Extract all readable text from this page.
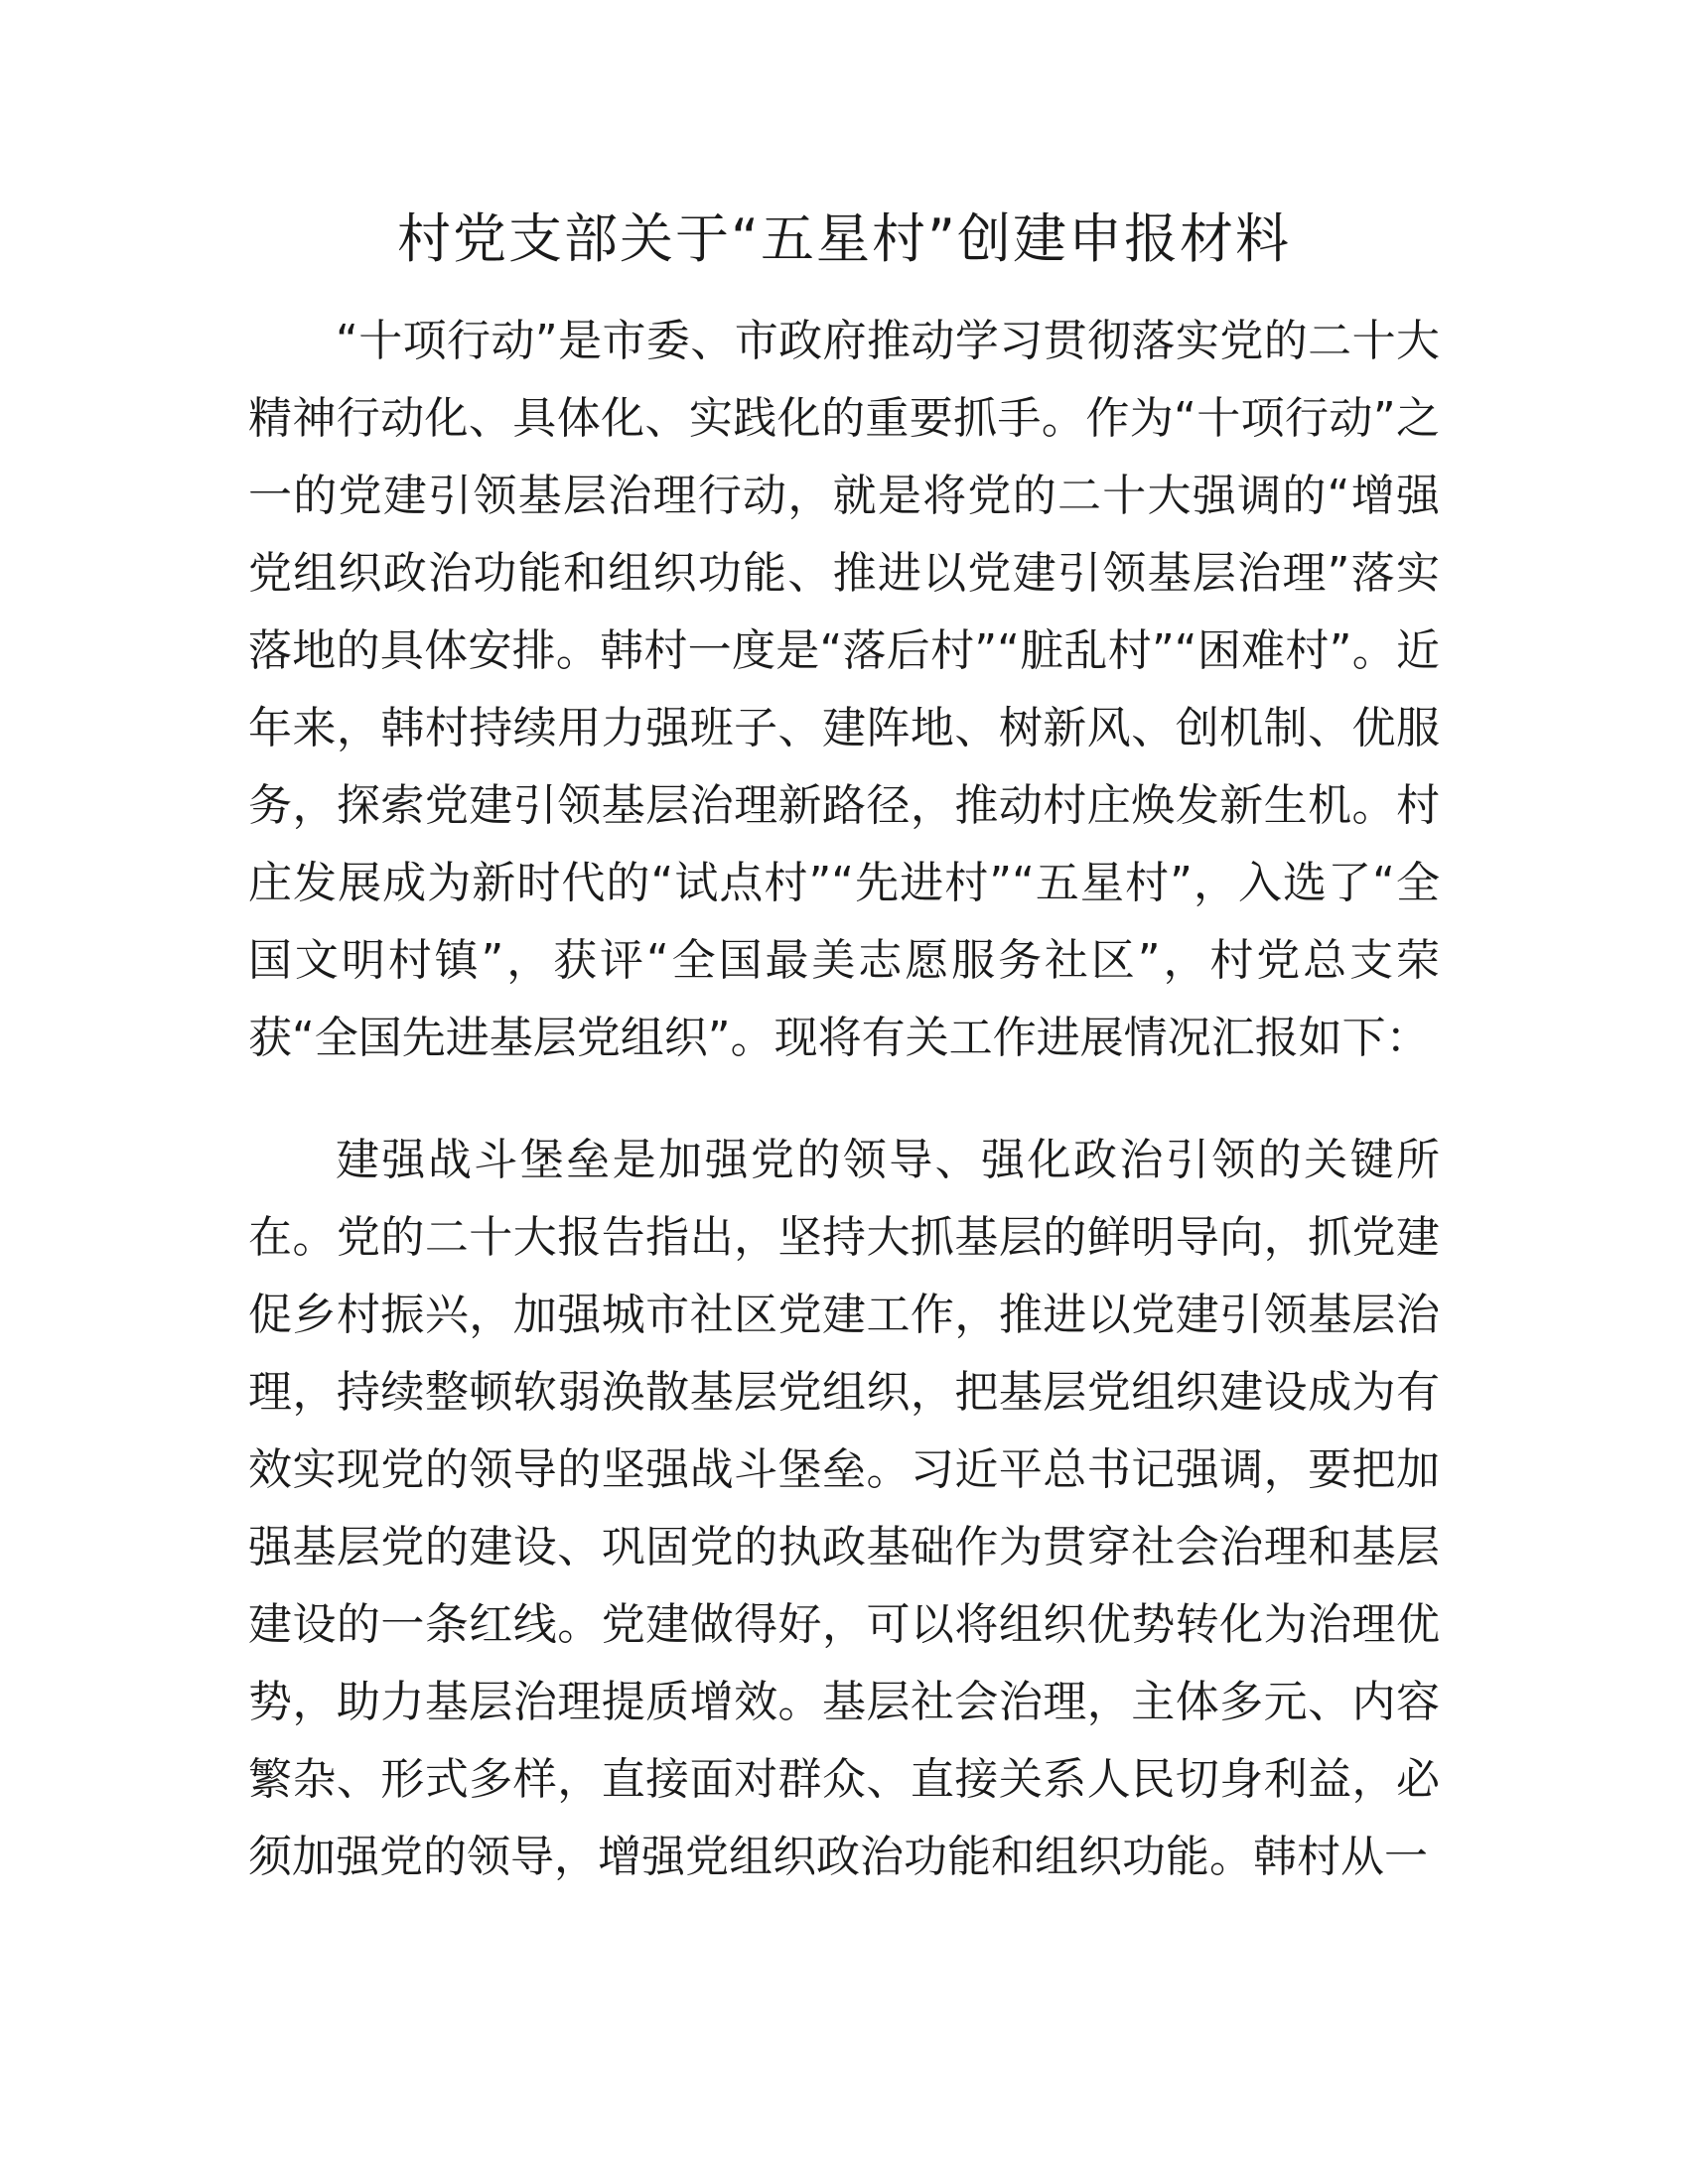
村党支部关于“五星村”创建申报材料

“十项行动”是市委、市政府推动学习贯彻落实党的二十大精神行动化、具体化、实践化的重要抓手。作为“十项行动”之一的党建引领基层治理行动，就是将党的二十大强调的“增强党组织政治功能和组织功能、推进以党建引领基层治理”落实落地的具体安排。韩村一度是“落后村”“脏乱村”“困难村”。近年来，韩村持续用力强班子、建阵地、树新风、创机制、优服务，探索党建引领基层治理新路径，推动村庄焕发新生机。村庄发展成为新时代的“试点村”“先进村”“五星村”，入选了“全国文明村镇”，获评“全国最美志愿服务社区”，村党总支荣获“全国先进基层党组织”。现将有关工作进展情况汇报如下：

建强战斗堡垒是加强党的领导、强化政治引领的关键所在。党的二十大报告指出，坚持大抓基层的鲜明导向，抓党建促乡村振兴，加强城市社区党建工作，推进以党建引领基层治理，持续整顿软弱涣散基层党组织，把基层党组织建设成为有效实现党的领导的坚强战斗堡垒。习近平总书记强调，要把加强基层党的建设、巩固党的执政基础作为贯穿社会治理和基层建设的一条红线。党建做得好，可以将组织优势转化为治理优势，助力基层治理提质增效。基层社会治理，主体多元、内容繁杂、形式多样，直接面对群众、直接关系人民切身利益，必须加强党的领导，增强党组织政治功能和组织功能。韩村从一
